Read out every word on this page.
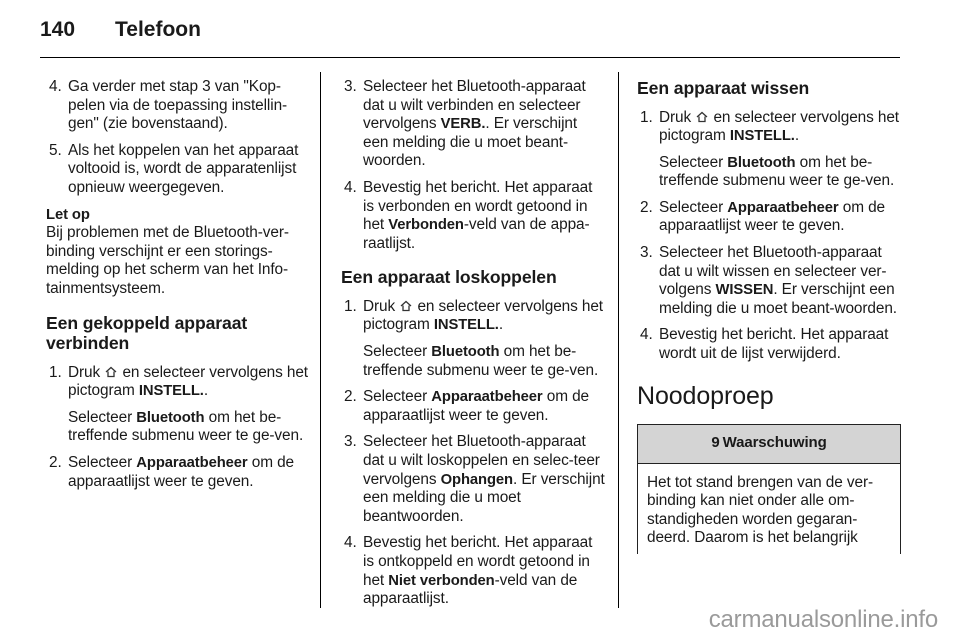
140 Telefoon
4. Ga verder met stap 3 van "Kop-pelen via de toepassing instellin-gen" (zie bovenstaand).
5. Als het koppelen van het apparaat voltooid is, wordt de apparatenlijst opnieuw weergegeven.
Let op
Bij problemen met de Bluetooth-ver-binding verschijnt er een storings-melding op het scherm van het Info-tainmentsysteem.
Een gekoppeld apparaat verbinden
1. Druk  en selecteer vervolgens het pictogram INSTELL..
Selecteer Bluetooth om het be-treffende submenu weer te ge-ven.
2. Selecteer Apparaatbeheer om de apparaatlijst weer te geven.
3. Selecteer het Bluetooth-apparaat dat u wilt verbinden en selecteer vervolgens VERB.. Er verschijnt een melding die u moet beant-woorden.
4. Bevestig het bericht. Het apparaat is verbonden en wordt getoond in het Verbonden-veld van de appa-raatlijst.
Een apparaat loskoppelen
1. Druk  en selecteer vervolgens het pictogram INSTELL..
Selecteer Bluetooth om het be-treffende submenu weer te ge-ven.
2. Selecteer Apparaatbeheer om de apparaatlijst weer te geven.
3. Selecteer het Bluetooth-apparaat dat u wilt loskoppelen en selec-teer vervolgens Ophangen. Er verschijnt een melding die u moet beantwoorden.
4. Bevestig het bericht. Het apparaat is ontkoppeld en wordt getoond in het Niet verbonden-veld van de apparaatlijst.
Een apparaat wissen
1. Druk  en selecteer vervolgens het pictogram INSTELL..
Selecteer Bluetooth om het be-treffende submenu weer te ge-ven.
2. Selecteer Apparaatbeheer om de apparaatlijst weer te geven.
3. Selecteer het Bluetooth-apparaat dat u wilt wissen en selecteer ver-volgens WISSEN. Er verschijnt een melding die u moet beant-woorden.
4. Bevestig het bericht. Het apparaat wordt uit de lijst verwijderd.
Noodoproep
9 Waarschuwing
Het tot stand brengen van de ver-binding kan niet onder alle om-standigheden worden gegaran-deerd. Daarom is het belangrijk
carmanualsonline.info
